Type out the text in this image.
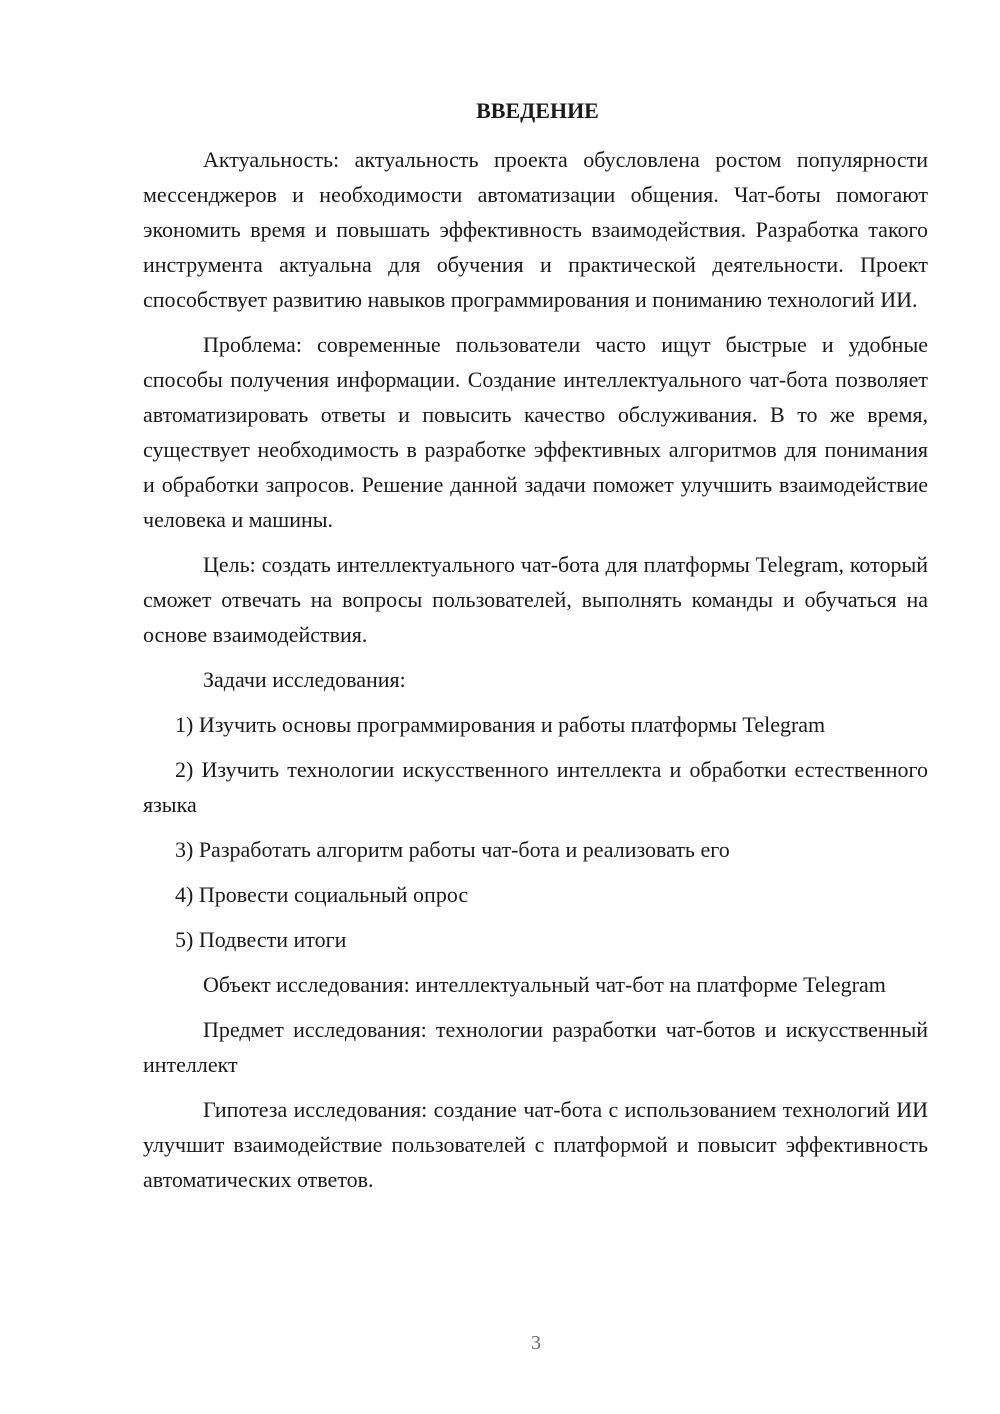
ВВЕДЕНИЕ

Актуальность: актуальность проекта обусловлена ростом популярности мессенджеров и необходимости автоматизации общения. Чат-боты помогают экономить время и повышать эффективность взаимодействия. Разработка такого инструмента актуальна для обучения и практической деятельности. Проект способствует развитию навыков программирования и пониманию технологий ИИ.

Проблема: современные пользователи часто ищут быстрые и удобные способы получения информации. Создание интеллектуального чат-бота позволяет автоматизировать ответы и повысить качество обслуживания. В то же время, существует необходимость в разработке эффективных алгоритмов для понимания и обработки запросов. Решение данной задачи поможет улучшить взаимодействие человека и машины.

Цель: создать интеллектуального чат-бота для платформы Telegram, который сможет отвечать на вопросы пользователей, выполнять команды и обучаться на основе взаимодействия.

Задачи исследования:

1) Изучить основы программирования и работы платформы Telegram

2) Изучить технологии искусственного интеллекта и обработки естественного языка

3) Разработать алгоритм работы чат-бота и реализовать его

4) Провести социальный опрос

5) Подвести итоги

Объект исследования: интеллектуальный чат-бот на платформе Telegram

Предмет исследования: технологии разработки чат-ботов и искусственный интеллект

Гипотеза исследования: создание чат-бота с использованием технологий ИИ улучшит взаимодействие пользователей с платформой и повысит эффективность автоматических ответов.

3
